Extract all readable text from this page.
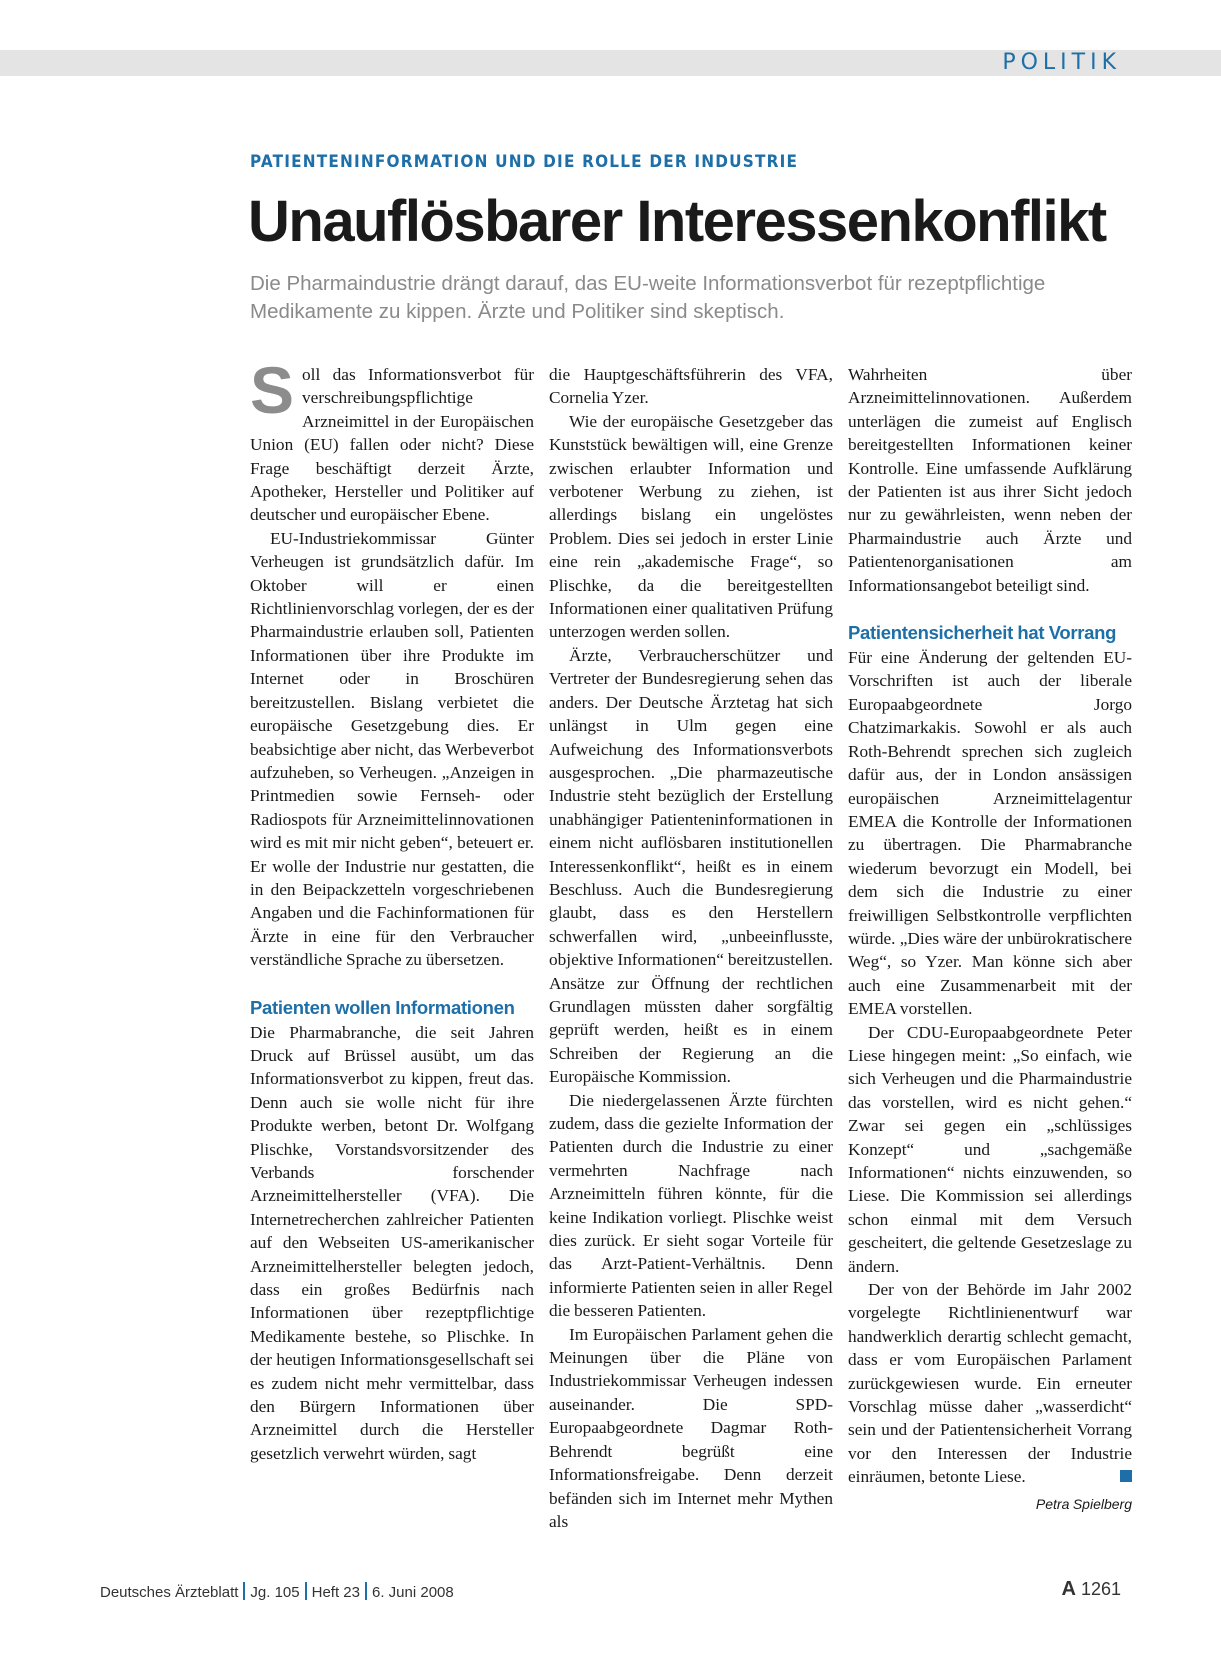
POLITIK
PATIENTENINFORMATION UND DIE ROLLE DER INDUSTRIE
Unauflösbarer Interessenkonflikt
Die Pharmaindustrie drängt darauf, das EU-weite Informationsverbot für rezeptpflichtige Medikamente zu kippen. Ärzte und Politiker sind skeptisch.

Soll das Informationsverbot für verschreibungspflichtige Arzneimittel in der Europäischen Union (EU) fallen oder nicht? Diese Frage beschäftigt derzeit Ärzte, Apotheker, Hersteller und Politiker auf deutscher und europäischer Ebene.

EU-Industriekommissar Günter Verheugen ist grundsätzlich dafür. Im Oktober will er einen Richtlinienvorschlag vorlegen, der es der Pharmaindustrie erlauben soll, Patienten Informationen über ihre Produkte im Internet oder in Broschüren bereitzustellen. Bislang verbietet die europäische Gesetzgebung dies. Er beabsichtige aber nicht, das Werbeverbot aufzuheben, so Verheugen. „Anzeigen in Printmedien sowie Fernseh- oder Radiospots für Arzneimittelinnovationen wird es mit mir nicht geben“, beteuert er. Er wolle der Industrie nur gestatten, die in den Beipackzetteln vorgeschriebenen Angaben und die Fachinformationen für Ärzte in eine für den Verbraucher verständliche Sprache zu übersetzen.

Patienten wollen Informationen

Die Pharmabranche, die seit Jahren Druck auf Brüssel ausübt, um das Informationsverbot zu kippen, freut das. Denn auch sie wolle nicht für ihre Produkte werben, betont Dr. Wolfgang Plischke, Vorstandsvorsitzender des Verbands forschender Arzneimittelhersteller (VFA). Die Internetrecherchen zahlreicher Patienten auf den Webseiten US-amerikanischer Arzneimittelhersteller belegten jedoch, dass ein großes Bedürfnis nach Informationen über rezeptpflichtige Medikamente bestehe, so Plischke. In der heutigen Informationsgesellschaft sei es zudem nicht mehr vermittelbar, dass den Bürgern Informationen über Arzneimittel durch die Hersteller gesetzlich verwehrt würden, sagt

die Hauptgeschäftsführerin des VFA, Cornelia Yzer.

Wie der europäische Gesetzgeber das Kunststück bewältigen will, eine Grenze zwischen erlaubter Information und verbotener Werbung zu ziehen, ist allerdings bislang ein ungelöstes Problem. Dies sei jedoch in erster Linie eine rein „akademische Frage“, so Plischke, da die bereitgestellten Informationen einer qualitativen Prüfung unterzogen werden sollen.

Ärzte, Verbraucherschützer und Vertreter der Bundesregierung sehen das anders. Der Deutsche Ärztetag hat sich unlängst in Ulm gegen eine Aufweichung des Informationsverbots ausgesprochen. „Die pharmazeutische Industrie steht bezüglich der Erstellung unabhängiger Patienteninformationen in einem nicht auflösbaren institutionellen Interessenkonflikt“, heißt es in einem Beschluss. Auch die Bundesregierung glaubt, dass es den Herstellern schwerfallen wird, „unbeeinflusste, objektive Informationen“ bereitzustellen. Ansätze zur Öffnung der rechtlichen Grundlagen müssten daher sorgfältig geprüft werden, heißt es in einem Schreiben der Regierung an die Europäische Kommission.

Die niedergelassenen Ärzte fürchten zudem, dass die gezielte Information der Patienten durch die Industrie zu einer vermehrten Nachfrage nach Arzneimitteln führen könnte, für die keine Indikation vorliegt. Plischke weist dies zurück. Er sieht sogar Vorteile für das Arzt-Patient-Verhältnis. Denn informierte Patienten seien in aller Regel die besseren Patienten.

Im Europäischen Parlament gehen die Meinungen über die Pläne von Industriekommissar Verheugen indessen auseinander. Die SPD-Europaabgeordnete Dagmar Roth-Behrendt begrüßt eine Informationsfreigabe. Denn derzeit befänden sich im Internet mehr Mythen als

Wahrheiten über Arzneimittelinnovationen. Außerdem unterlägen die zumeist auf Englisch bereitgestellten Informationen keiner Kontrolle. Eine umfassende Aufklärung der Patienten ist aus ihrer Sicht jedoch nur zu gewährleisten, wenn neben der Pharmaindustrie auch Ärzte und Patientenorganisationen am Informationsangebot beteiligt sind.

Patientensicherheit hat Vorrang

Für eine Änderung der geltenden EU-Vorschriften ist auch der liberale Europaabgeordnete Jorgo Chatzimarkakis. Sowohl er als auch Roth-Behrendt sprechen sich zugleich dafür aus, der in London ansässigen europäischen Arzneimittelagentur EMEA die Kontrolle der Informationen zu übertragen. Die Pharmabranche wiederum bevorzugt ein Modell, bei dem sich die Industrie zu einer freiwilligen Selbstkontrolle verpflichten würde. „Dies wäre der unbürokratischere Weg“, so Yzer. Man könne sich aber auch eine Zusammenarbeit mit der EMEA vorstellen.

Der CDU-Europaabgeordnete Peter Liese hingegen meint: „So einfach, wie sich Verheugen und die Pharmaindustrie das vorstellen, wird es nicht gehen.“ Zwar sei gegen ein „schlüssiges Konzept“ und „sachgemäße Informationen“ nichts einzuwenden, so Liese. Die Kommission sei allerdings schon einmal mit dem Versuch gescheitert, die geltende Gesetzeslage zu ändern.

Der von der Behörde im Jahr 2002 vorgelegte Richtlinienentwurf war handwerklich derartig schlecht gemacht, dass er vom Europäischen Parlament zurückgewiesen wurde. Ein erneuter Vorschlag müsse daher „wasserdicht“ sein und der Patientensicherheit Vorrang vor den Interessen der Industrie einräumen, betonte Liese.

Petra Spielberg
Deutsches Ärzteblatt Jg. 105 Heft 23 6. Juni 2008	A 1261
